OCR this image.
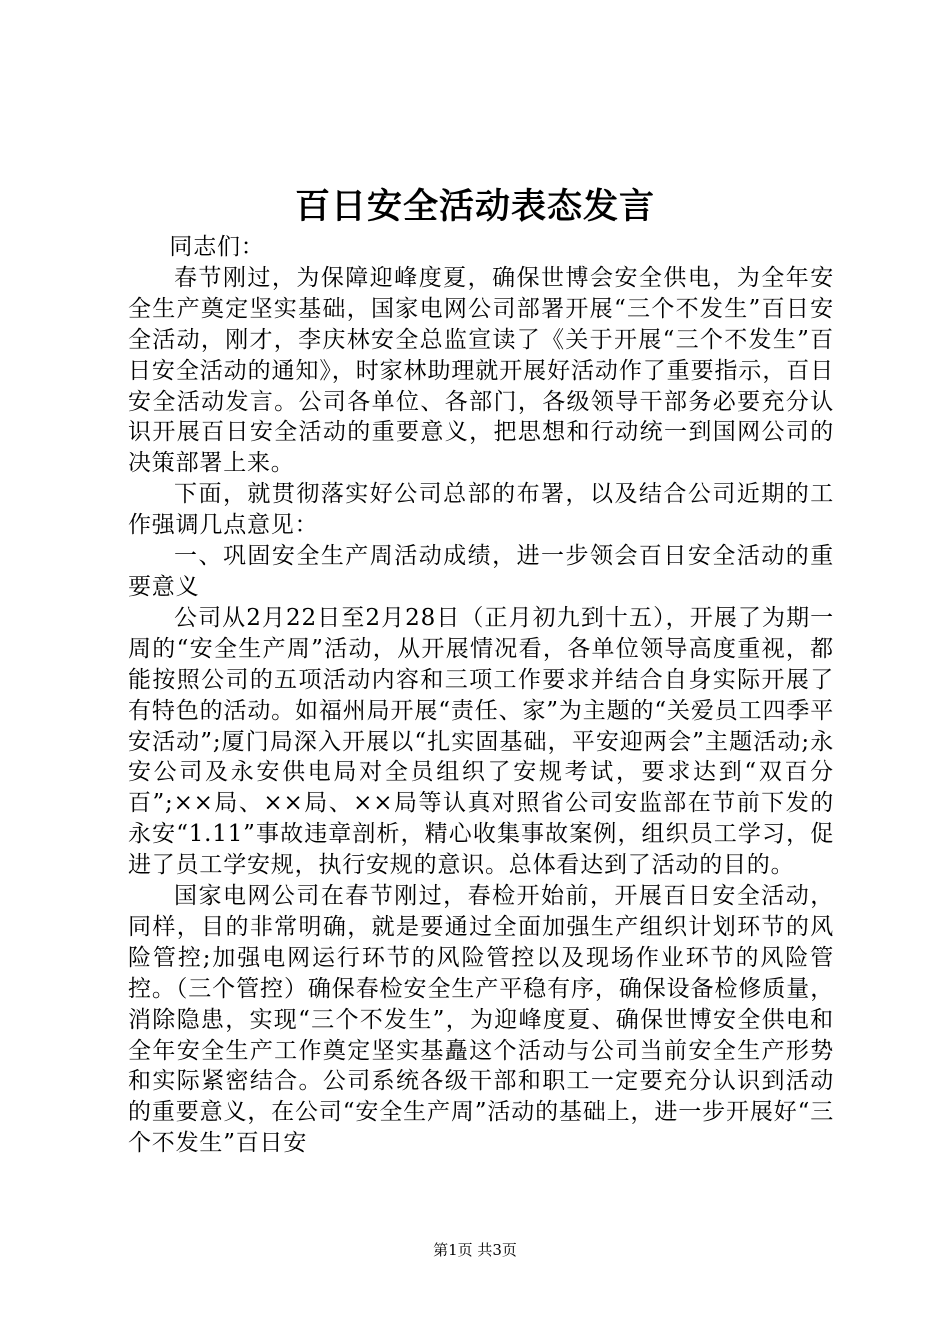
百日安全活动表态发言

同志们：

春节刚过，为保障迎峰度夏，确保世博会安全供电，为全年安全生产奠定坚实基础，国家电网公司部署开展“三个不发生”百日安全活动，刚才，李庆林安全总监宣读了《关于开展“三个不发生”百日安全活动的通知》，时家林助理就开展好活动作了重要指示，百日安全活动发言。公司各单位、各部门，各级领导干部务必要充分认识开展百日安全活动的重要意义，把思想和行动统一到国网公司的决策部署上来。

下面，就贯彻落实好公司总部的布署，以及结合公司近期的工作强调几点意见：

一、巩固安全生产周活动成绩，进一步领会百日安全活动的重要意义

公司从2月22日至2月28日（正月初九到十五），开展了为期一周的“安全生产周”活动，从开展情况看，各单位领导高度重视，都能按照公司的五项活动内容和三项工作要求并结合自身实际开展了有特色的活动。如福州局开展“责任、家”为主题的“关爱员工四季平安活动”;厦门局深入开展以“扎实固基础，平安迎两会”主题活动;永安公司及永安供电局对全员组织了安规考试，要求达到“双百分百”;××局、××局、××局等认真对照省公司安监部在节前下发的永安“1.11”事故违章剖析，精心收集事故案例，组织员工学习，促进了员工学安规，执行安规的意识。总体看达到了活动的目的。

国家电网公司在春节刚过，春检开始前，开展百日安全活动，同样，目的非常明确，就是要通过全面加强生产组织计划环节的风险管控;加强电网运行环节的风险管控以及现场作业环节的风险管控。（三个管控）确保春检安全生产平稳有序，确保设备检修质量，消除隐患，实现“三个不发生”，为迎峰度夏、确保世博安全供电和全年安全生产工作奠定坚实基矗这个活动与公司当前安全生产形势和实际紧密结合。公司系统各级干部和职工一定要充分认识到活动的重要意义，在公司“安全生产周”活动的基础上，进一步开展好“三个不发生”百日安

第1页 共3页
